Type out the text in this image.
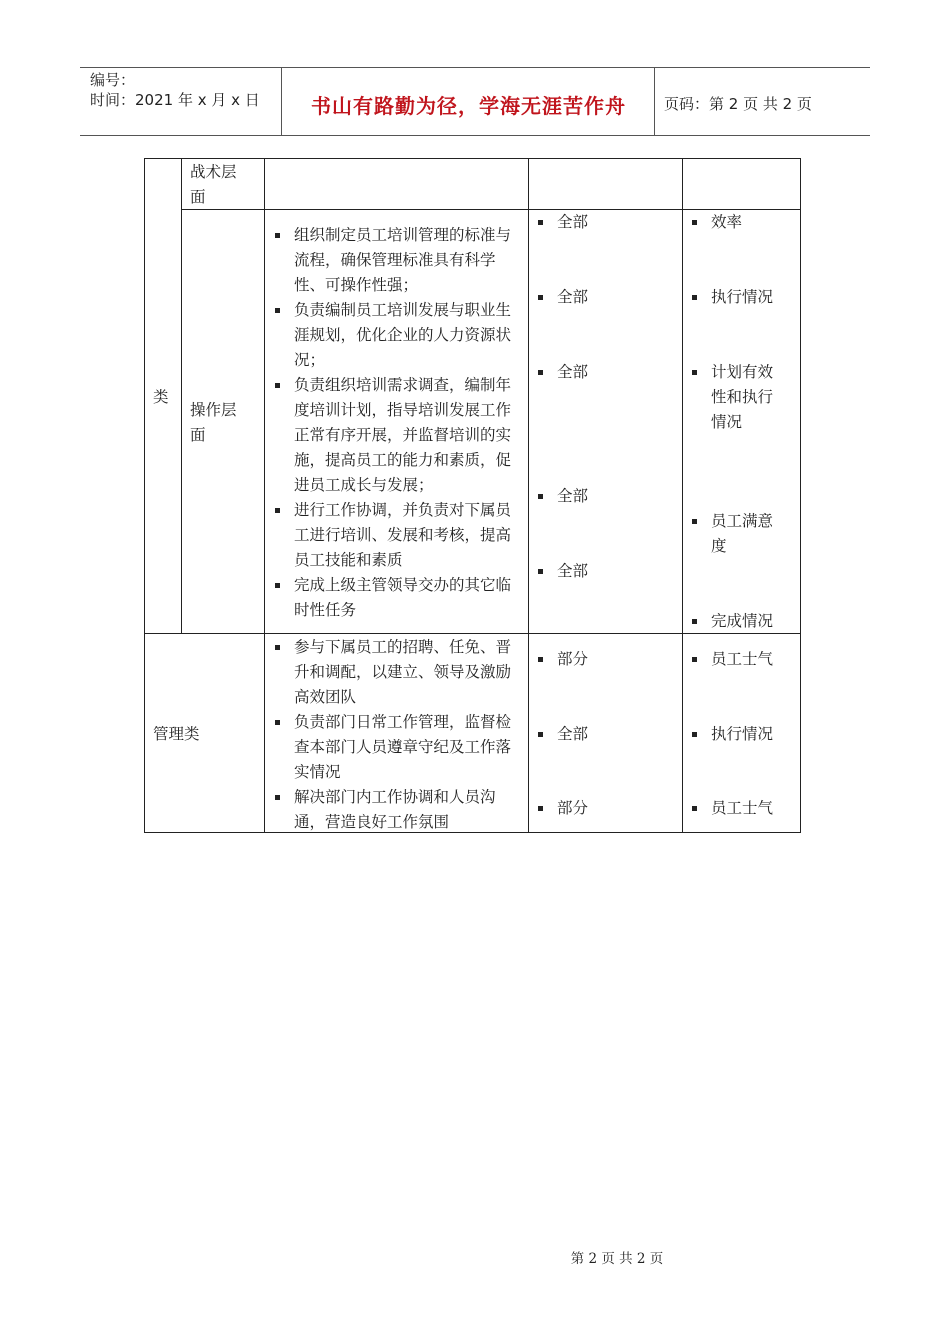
编号：
时间：2021 年 x 月 x 日	书山有路勤为径，学海无涯苦作舟	页码：第 2 页 共 2 页
类
战术层面
操作层面
管理类
组织制定员工培训管理的标准与流程，确保管理标准具有科学性、可操作性强；
负责编制员工培训发展与职业生涯规划，优化企业的人力资源状况；
负责组织培训需求调查，编制年度培训计划，指导培训发展工作正常有序开展，并监督培训的实施，提高员工的能力和素质，促进员工成长与发展；
进行工作协调，并负责对下属员工进行培训、发展和考核，提高员工技能和素质
完成上级主管领导交办的其它临时性任务
全部
全部
全部
全部
全部
效率
执行情况
计划有效性和执行情况
员工满意度
完成情况
参与下属员工的招聘、任免、晋升和调配，以建立、领导及激励高效团队
负责部门日常工作管理，监督检查本部门人员遵章守纪及工作落实情况
解决部门内工作协调和人员沟通，营造良好工作氛围
部分
全部
部分
员工士气
执行情况
员工士气
第 2 页 共 2 页
